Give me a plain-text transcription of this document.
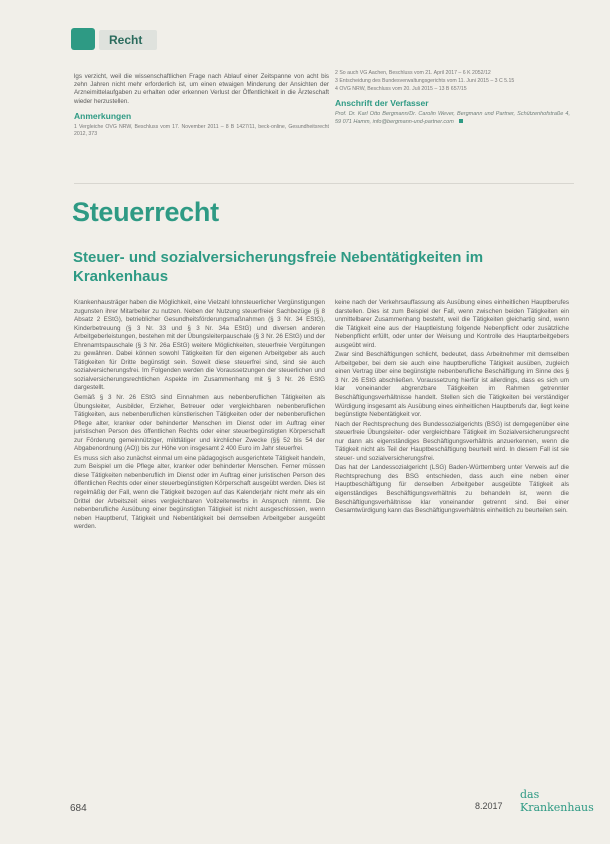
Recht

lgs verzicht, weil die wissenschaftlichen Frage nach Ablauf einer Zeitspanne von acht bis zehn Jahren nicht mehr erforderlich ist, um einen etwaigen Minderung der Ansichten der Arzneimittelaufgaben zu erhalten oder erkennen Verlust der Öffentlichkeit in die Ärzteschaft wieder herzustellen.

Anmerkungen

1 Vergleiche OVG NRW, Beschluss vom 17. November 2011 – 8 B 1427/11, beck-online, Gesundheitsrecht 2012, 373

2 So auch VG Aachen, Beschluss vom 21. April 2017 – 6 K 2052/12

3 Entscheidung des Bundesverwaltungsgerichts vom 11. Juni 2015 – 3 C 5.15

4 OVG NRW, Beschluss vom 20. Juli 2015 – 13 B 657/15

Anschrift der Verfasser

Prof. Dr. Karl Otto Bergmann/Dr. Carolin Wever, Bergmann und Partner, Schützenhofstraße 4, 59 071 Hamm, info@bergmann-und-partner.com

Steuerrecht
Steuer- und sozialversicherungsfreie Nebentätigkeiten im Krankenhaus

Krankenhausträger haben die Möglichkeit, eine Vielzahl lohnsteuerlicher Vergünstigungen zugunsten ihrer Mitarbeiter zu nutzen. Neben der Nutzung steuerfreier Sachbezüge (§ 8 Absatz 2 EStG), betrieblicher Gesundheitsförderungsmaßnahmen (§ 3 Nr. 34 EStG), Kinderbetreuung (§ 3 Nr. 33 und § 3 Nr. 34a EStG) und diversen anderen Arbeitgeberleistungen, bestehen mit der Übungsleiterpauschale (§ 3 Nr. 26 EStG) und der Ehrenamtspauschale (§ 3 Nr. 26a EStG) weitere Möglichkeiten, steuerfreie Vergütungen zu gewähren. Dabei können sowohl Tätigkeiten für den eigenen Arbeitgeber als auch Tätigkeiten für Dritte begünstigt sein. Soweit diese steuerfrei sind, sind sie auch sozialversicherungsfrei. Im Folgenden werden die Voraussetzungen der steuerlichen und sozialversicherungsrechtlichen Aspekte im Zusammenhang mit § 3 Nr. 26 EStG dargestellt.

Gemäß § 3 Nr. 26 EStG sind Einnahmen aus nebenberuflichen Tätigkeiten als Übungsleiter, Ausbilder, Erzieher, Betreuer oder vergleichbaren nebenberuflichen Tätigkeiten, aus nebenberuflichen künstlerischen Tätigkeiten oder der nebenberuflichen Pflege alter, kranker oder behinderter Menschen im Dienst oder im Auftrag einer juristischen Person des öffentlichen Rechts oder einer steuerbegünstigten Körperschaft zur Förderung gemeinnütziger, mildtätiger und kirchlicher Zwecke (§§ 52 bis 54 der Abgabenordnung (AO)) bis zur Höhe von insgesamt 2 400 Euro im Jahr steuerfrei.

Es muss sich also zunächst einmal um eine pädagogisch ausgerichtete Tätigkeit handeln, zum Beispiel um die Pflege alter, kranker oder behinderter Menschen. Ferner müssen diese Tätigkeiten nebenberuflich im Dienst oder im Auftrag einer juristischen Person des öffentlichen Rechts oder einer steuerbegünstigten Körperschaft ausgeübt werden. Dies ist regelmäßig der Fall, wenn die Tätigkeit bezogen auf das Kalenderjahr nicht mehr als ein Drittel der Arbeitszeit eines vergleichbaren Vollzeiterwerbs in Anspruch nimmt. Die nebenberufliche Ausübung einer begünstigten Tätigkeit ist nicht ausgeschlossen, wenn neben Hauptberuf, Tätigkeit und Nebentätigkeit bei demselben Arbeitgeber ausgeübt werden.

keine nach der Verkehrsauffassung als Ausübung eines einheitlichen Hauptberufes darstellen. Dies ist zum Beispiel der Fall, wenn zwischen beiden Tätigkeiten ein unmittelbarer Zusammenhang besteht, weil die Tätigkeiten gleichartig sind, wenn die Tätigkeit eine aus der Hauptleistung folgende Nebenpflicht oder zusätzliche Nebenpflicht erfüllt, oder unter der Weisung und Kontrolle des Hauptarbeitgebers ausgeübt wird.

Zwar sind Beschäftigungen schlicht, bedeutet, dass Arbeitnehmer mit demselben Arbeitgeber, bei dem sie auch eine hauptberufliche Tätigkeit ausüben, zugleich einen Vertrag über eine begünstigte nebenberufliche Beschäftigung im Sinne des § 3 Nr. 26 EStG abschließen. Voraussetzung hierfür ist allerdings, dass es sich um klar voneinander abgrenzbare Tätigkeiten im Rahmen getrennter Beschäftigungsverhältnisse handelt. Stellen sich die Tätigkeiten bei verständiger Würdigung insgesamt als Ausübung eines einheitlichen Hauptberufs dar, liegt keine begünstigte Nebentätigkeit vor.

Nach der Rechtsprechung des Bundessozialgerichts (BSG) ist demgegenüber eine steuerfreie Übungsleiter- oder vergleichbare Tätigkeit im Sozialversicherungsrecht nur dann als eigenständiges Beschäftigungsverhältnis anzuerkennen, wenn die Tätigkeit nicht als Teil der Hauptbeschäftigung beurteilt wird. In diesem Fall ist sie steuer- und sozialversicherungsfrei.

Das hat der Landessozialgericht (LSG) Baden-Württemberg unter Verweis auf die Rechtsprechung des BSG entschieden, dass auch eine neben einer Hauptbeschäftigung für denselben Arbeitgeber ausgeübte Tätigkeit als eigenständiges Beschäftigungsverhältnis zu behandeln ist, wenn die Beschäftigungsverhältnisse klar voneinander getrennt sind. Bei einer Gesamtwürdigung kann das Beschäftigungsverhältnis einheitlich zu beurteilen sein.

684	8.2017
das Krankenhaus
